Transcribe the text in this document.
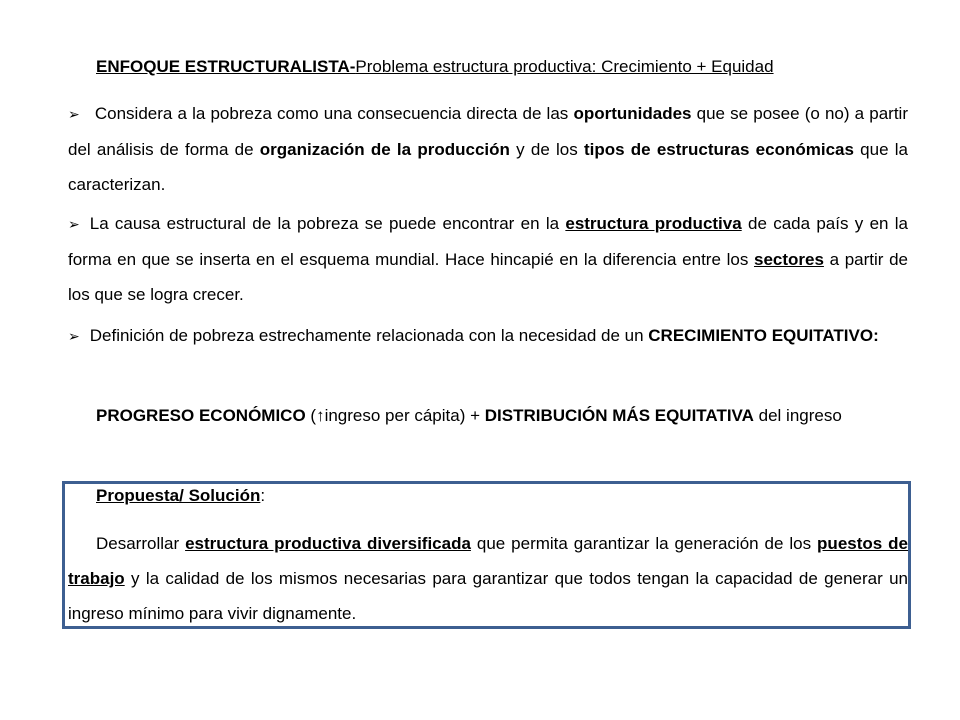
ENFOQUE ESTRUCTURALISTA-Problema estructura productiva: Crecimiento + Equidad
➢ Considera a la pobreza como una consecuencia directa de las oportunidades que se posee (o no) a partir del análisis de forma de organización de la producción y de los tipos de estructuras económicas que la caracterizan.
➢ La causa estructural de la pobreza se puede encontrar en la estructura productiva de cada país y en la forma en que se inserta en el esquema mundial. Hace hincapié en la diferencia entre los sectores a partir de los que se logra crecer.
➢ Definición de pobreza estrechamente relacionada con la necesidad de un CRECIMIENTO EQUITATIVO:
PROGRESO ECONÓMICO (↑ingreso per cápita) + DISTRIBUCIÓN MÁS EQUITATIVA del ingreso
Propuesta/ Solución:
Desarrollar estructura productiva diversificada que permita garantizar la generación de los puestos de trabajo y la calidad de los mismos necesarias para garantizar que todos tengan la capacidad de generar un ingreso mínimo para vivir dignamente.
